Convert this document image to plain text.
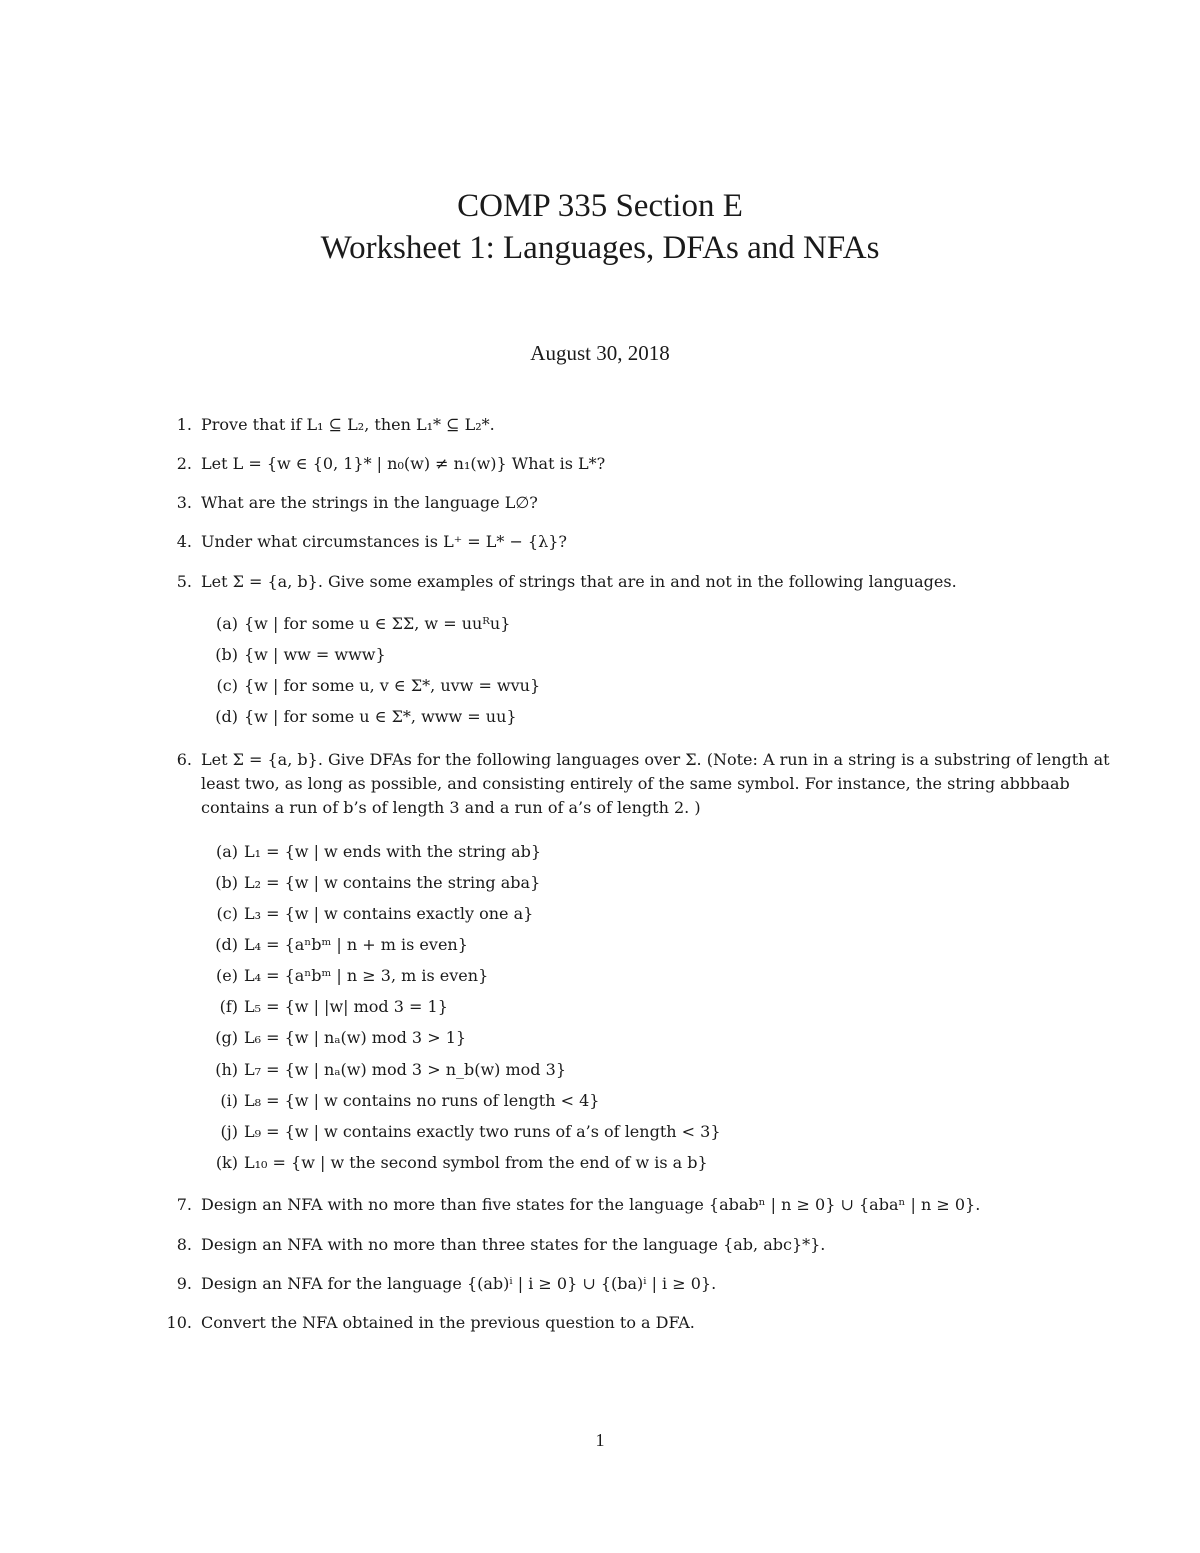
COMP 335 Section E
Worksheet 1: Languages, DFAs and NFAs
August 30, 2018
1. Prove that if L₁ ⊆ L₂, then L₁* ⊆ L₂*.
2. Let L = {w ∈ {0, 1}* | n₀(w) ≠ n₁(w)} What is L*?
3. What are the strings in the language L∅?
4. Under what circumstances is L⁺ = L* − {λ}?
5. Let Σ = {a, b}. Give some examples of strings that are in and not in the following languages.
(a) {w | for some u ∈ ΣΣ, w = uuᴿu}
(b) {w | ww = www}
(c) {w | for some u, v ∈ Σ*, uvw = wvu}
(d) {w | for some u ∈ Σ*, www = uu}
6. Let Σ = {a, b}. Give DFAs for the following languages over Σ. (Note: A run in a string is a substring of length at least two, as long as possible, and consisting entirely of the same symbol. For instance, the string abbbaab contains a run of b’s of length 3 and a run of a’s of length 2. )
(a) L₁ = {w | w ends with the string ab}
(b) L₂ = {w | w contains the string aba}
(c) L₃ = {w | w contains exactly one a}
(d) L₄ = {aⁿbᵐ | n + m is even}
(e) L₄ = {aⁿbᵐ | n ≥ 3, m is even}
(f) L₅ = {w | |w| mod 3 = 1}
(g) L₆ = {w | nₐ(w) mod 3 > 1}
(h) L₇ = {w | nₐ(w) mod 3 > n_b(w) mod 3}
(i) L₈ = {w | w contains no runs of length < 4}
(j) L₉ = {w | w contains exactly two runs of a’s of length < 3}
(k) L₁₀ = {w | w the second symbol from the end of w is a b}
7. Design an NFA with no more than five states for the language {ababⁿ | n ≥ 0} ∪ {abaⁿ | n ≥ 0}.
8. Design an NFA with no more than three states for the language {ab, abc}*}.
9. Design an NFA for the language {(ab)ⁱ | i ≥ 0} ∪ {(ba)ⁱ | i ≥ 0}.
10. Convert the NFA obtained in the previous question to a DFA.
1
